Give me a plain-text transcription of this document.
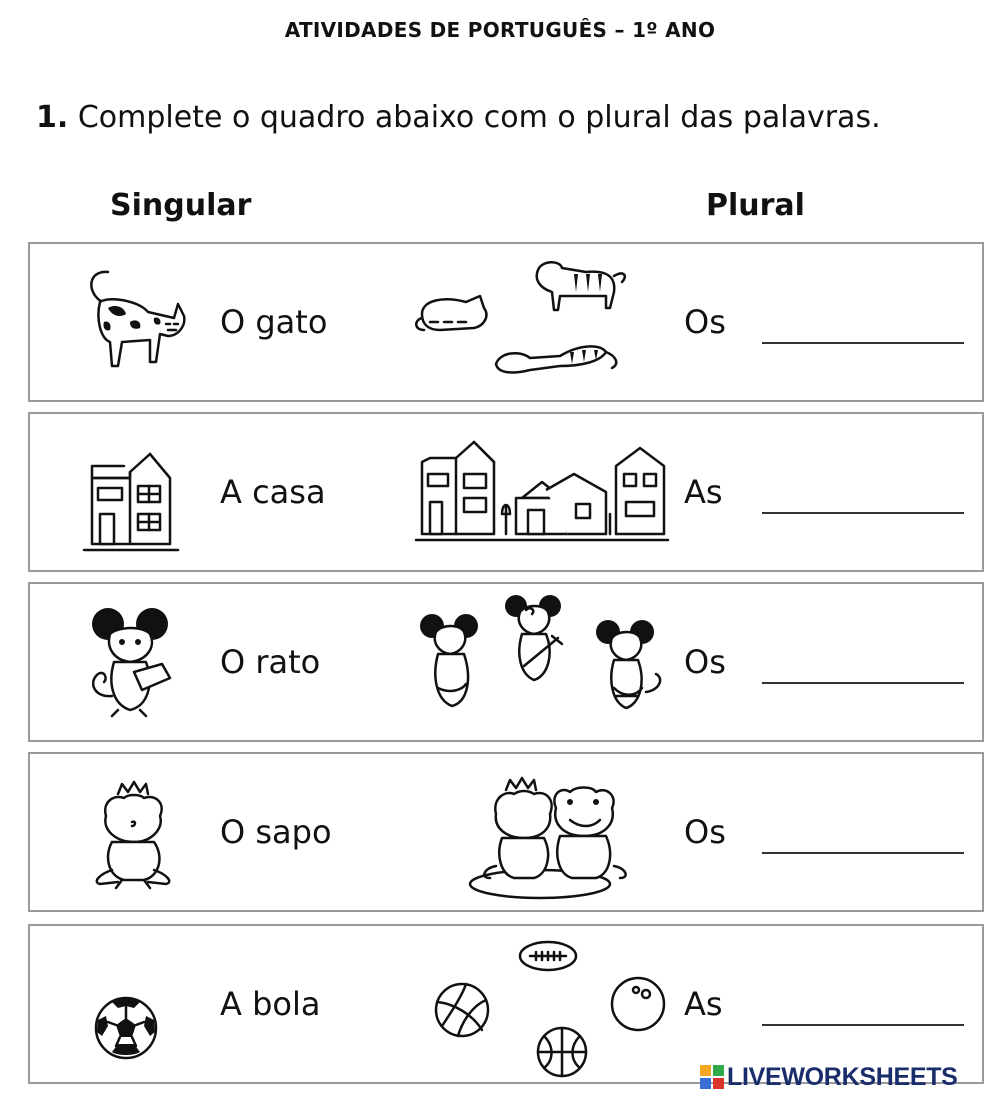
ATIVIDADES DE PORTUGUÊS – 1º ANO
1. Complete o quadro abaixo com o plural das palavras.
Singular	Plural
O gato	Os
A casa	As
O rato	Os
O sapo	Os
A bola	As
LIVEWORKSHEETS
